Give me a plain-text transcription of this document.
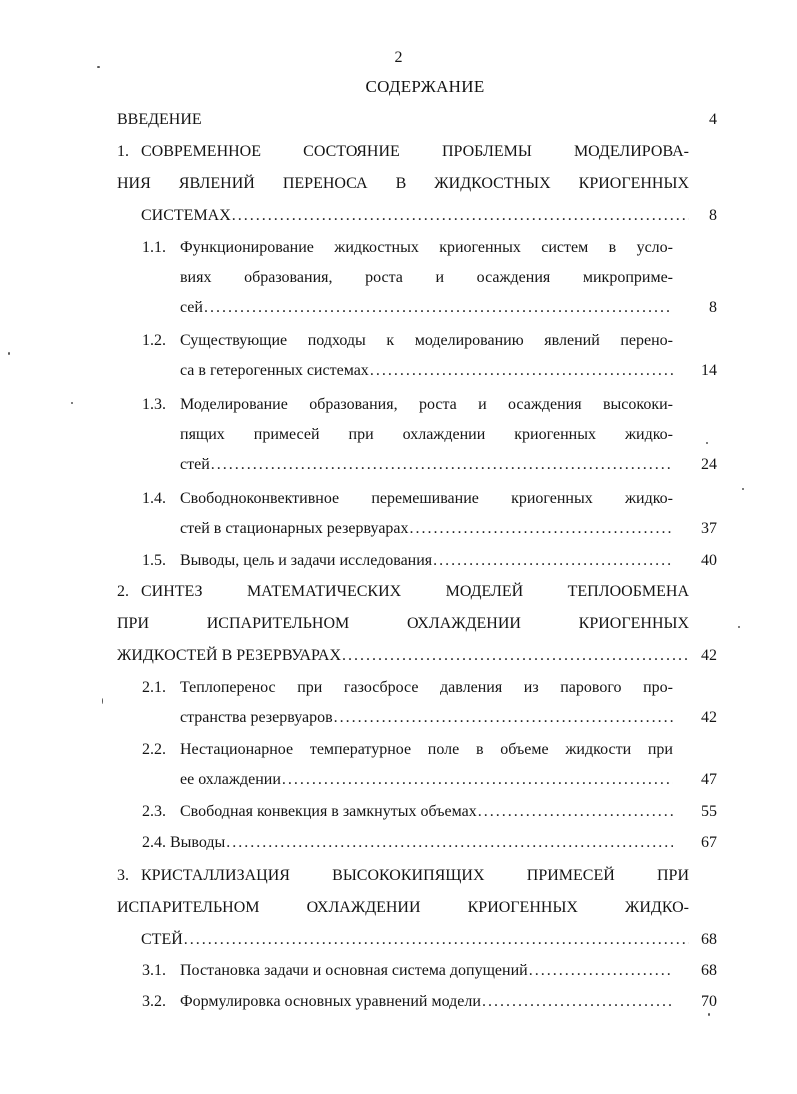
2
СОДЕРЖАНИЕ
ВВЕДЕНИЕ	4
1. СОВРЕМЕННОЕ СОСТОЯНИЕ ПРОБЛЕМЫ МОДЕЛИРОВА-
НИЯ ЯВЛЕНИЙ ПЕРЕНОСА В ЖИДКОСТНЫХ КРИОГЕННЫХ
СИСТЕМАХ . . .	8
1.1. Функционирование жидкостных криогенных систем в усло-
виях образования, роста и осаждения микроприме-
сей . . .	8
1.2. Существующие подходы к моделированию явлений перено-
са в гетерогенных системах . . .	14
1.3. Моделирование образования, роста и осаждения высококи-
пящих примесей при охлаждении криогенных жидко-
стей . . .	24
1.4. Свободноконвективное перемешивание криогенных жидко-
стей в стационарных резервуарах . . .	37
1.5. Выводы, цель и задачи исследования . . .	40
2. СИНТЕЗ МАТЕМАТИЧЕСКИХ МОДЕЛЕЙ ТЕПЛООБМЕНА
ПРИ ИСПАРИТЕЛЬНОМ ОХЛАЖДЕНИИ КРИОГЕННЫХ
ЖИДКОСТЕЙ В РЕЗЕРВУАРАХ . . .	42
2.1. Теплоперенос при газосбросе давления из парового про-
странства резервуаров . . .	42
2.2. Нестационарное температурное поле в объеме жидкости при
ее охлаждении . . .	47
2.3. Свободная конвекция в замкнутых объемах . . .	55
2.4. Выводы . . .	67
3. КРИСТАЛЛИЗАЦИЯ ВЫСОКОКИПЯЩИХ ПРИМЕСЕЙ ПРИ
ИСПАРИТЕЛЬНОМ ОХЛАЖДЕНИИ КРИОГЕННЫХ ЖИДКО-
СТЕЙ . . .	68
3.1. Постановка задачи и основная система допущений . . .	68
3.2. Формулировка основных уравнений модели . . .	70
